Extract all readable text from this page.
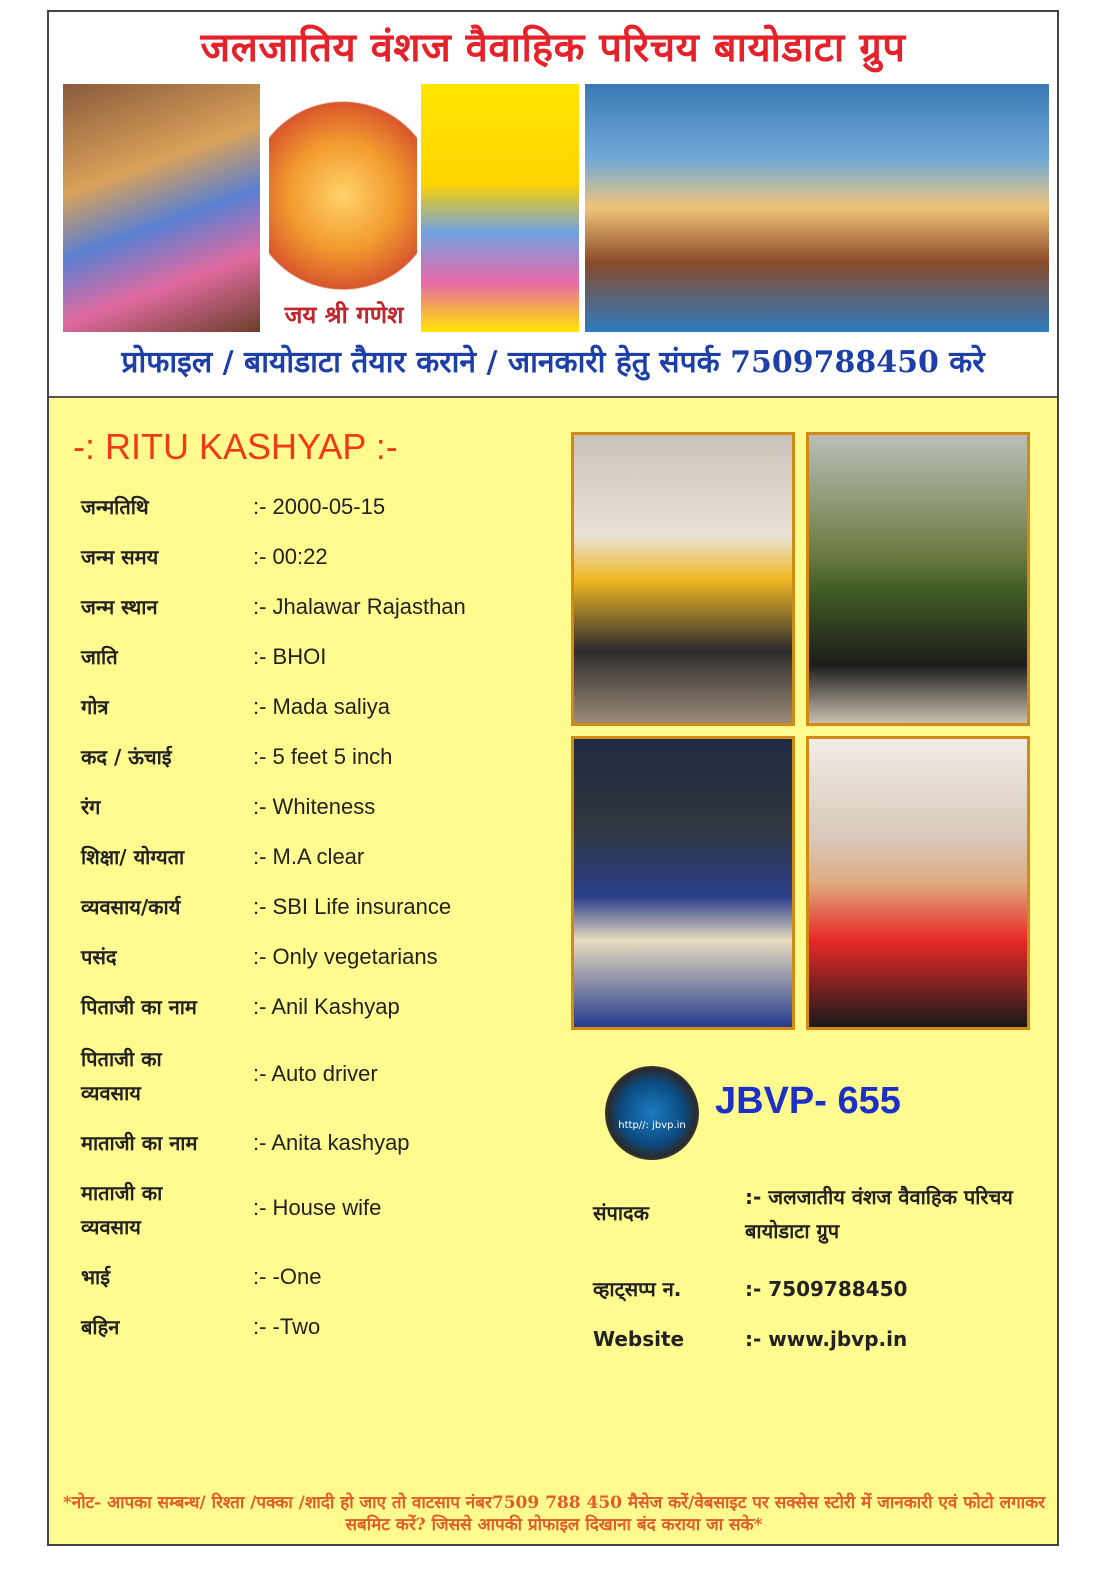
जलजातिय वंशज वैवाहिक परिचय बायोडाटा ग्रुप
जय श्री गणेश
प्रोफाइल / बायोडाटा तैयार कराने / जानकारी हेतु संपर्क 7509788450 करे
-: RITU KASHYAP :-
जन्मतिथि	:- 2000-05-15
जन्म समय	:- 00:22
जन्म स्थान	:- Jhalawar Rajasthan
जाति	:- BHOI
गोत्र	:- Mada saliya
कद / ऊंचाई	:- 5 feet 5 inch
रंग	:- Whiteness
शिक्षा/ योग्यता	:- M.A clear
व्यवसाय/कार्य	:- SBI Life insurance
पसंद	:- Only vegetarians
पिताजी का नाम	:- Anil Kashyap
पिताजी का व्यवसाय
:- Auto driver
माताजी का नाम	:- Anita kashyap
माताजी का व्यवसाय
:- House wife
भाई	:- -One
बहिन	:- -Two
http//: jbvp.in
JBVP- 655
संपादक
:- जलजातीय वंशज वैवाहिक परिचय बायोडाटा ग्रुप
व्हाट्सप्प न.	:- 7509788450
Website	:- www.jbvp.in
*नोट- आपका सम्बन्ध/ रिश्ता /पक्का /शादी हो जाए तो वाटसाप नंबर7509 788 450 मैसेज करें/वेबसाइट पर सक्सेस स्टोरी में जानकारी एवं फोटो लगाकर सबमिट करें? जिससे आपकी प्रोफाइल दिखाना बंद कराया जा सके*
